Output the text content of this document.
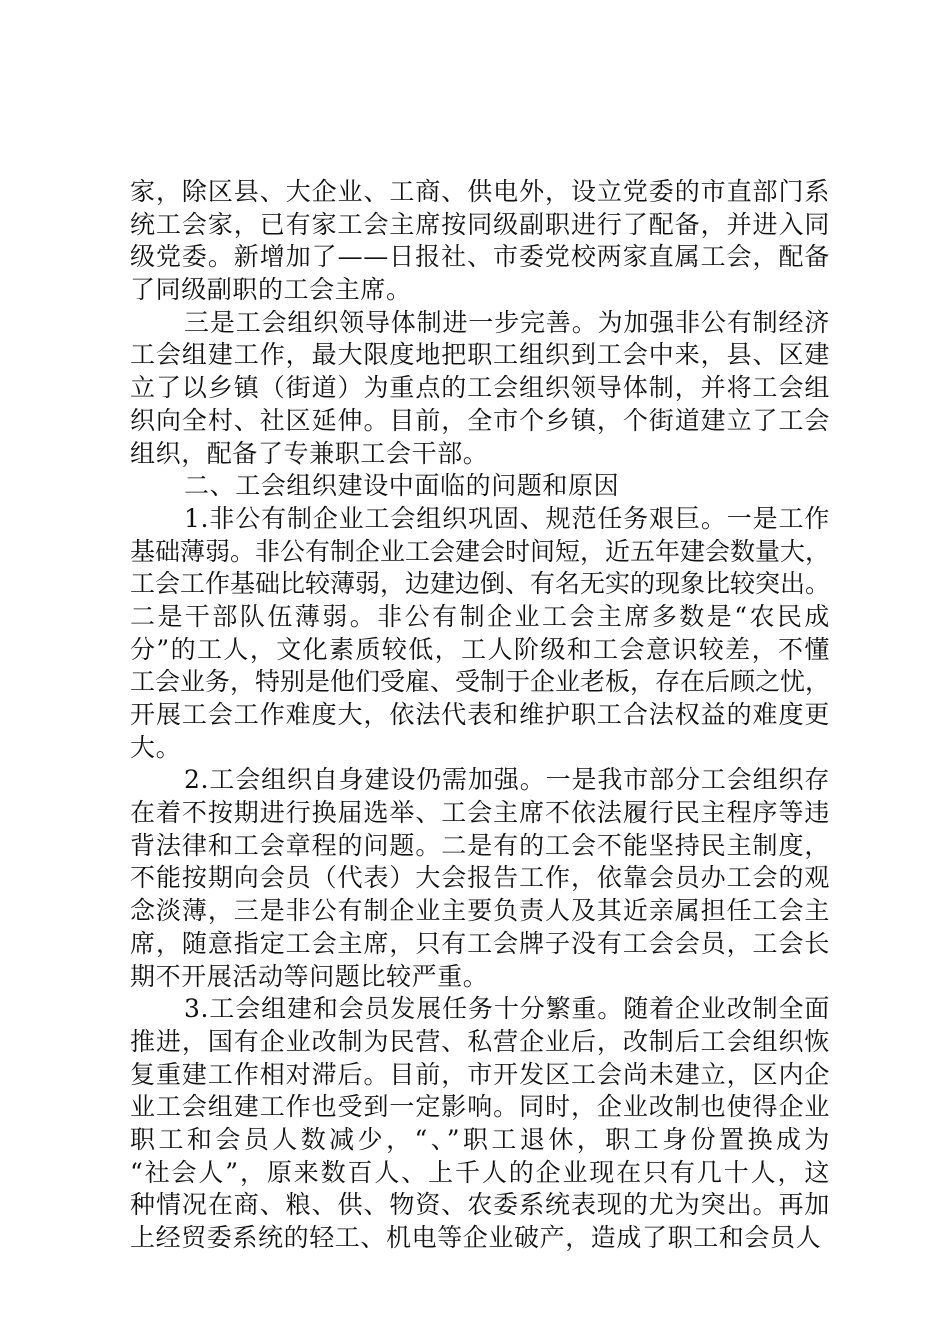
家，除区县、大企业、工商、供电外，设立党委的市直部门系
统工会家，已有家工会主席按同级副职进行了配备，并进入同
级党委。新增加了——日报社、市委党校两家直属工会，配备
了同级副职的工会主席。
三是工会组织领导体制进一步完善。为加强非公有制经济
工会组建工作，最大限度地把职工组织到工会中来，县、区建
立了以乡镇（街道）为重点的工会组织领导体制，并将工会组
织向全村、社区延伸。目前，全市个乡镇，个街道建立了工会
组织，配备了专兼职工会干部。
二、工会组织建设中面临的问题和原因
1.非公有制企业工会组织巩固、规范任务艰巨。一是工作
基础薄弱。非公有制企业工会建会时间短，近五年建会数量大，
工会工作基础比较薄弱，边建边倒、有名无实的现象比较突出。
二是干部队伍薄弱。非公有制企业工会主席多数是“农民成
分”的工人，文化素质较低，工人阶级和工会意识较差，不懂
工会业务，特别是他们受雇、受制于企业老板，存在后顾之忧，
开展工会工作难度大，依法代表和维护职工合法权益的难度更
大。
2.工会组织自身建设仍需加强。一是我市部分工会组织存
在着不按期进行换届选举、工会主席不依法履行民主程序等违
背法律和工会章程的问题。二是有的工会不能坚持民主制度，
不能按期向会员（代表）大会报告工作，依靠会员办工会的观
念淡薄，三是非公有制企业主要负责人及其近亲属担任工会主
席，随意指定工会主席，只有工会牌子没有工会会员，工会长
期不开展活动等问题比较严重。
3.工会组建和会员发展任务十分繁重。随着企业改制全面
推进，国有企业改制为民营、私营企业后，改制后工会组织恢
复重建工作相对滞后。目前，市开发区工会尚未建立，区内企
业工会组建工作也受到一定影响。同时，企业改制也使得企业
职工和会员人数减少，“、”职工退休，职工身份置换成为
“社会人”，原来数百人、上千人的企业现在只有几十人，这
种情况在商、粮、供、物资、农委系统表现的尤为突出。再加
上经贸委系统的轻工、机电等企业破产，造成了职工和会员人
